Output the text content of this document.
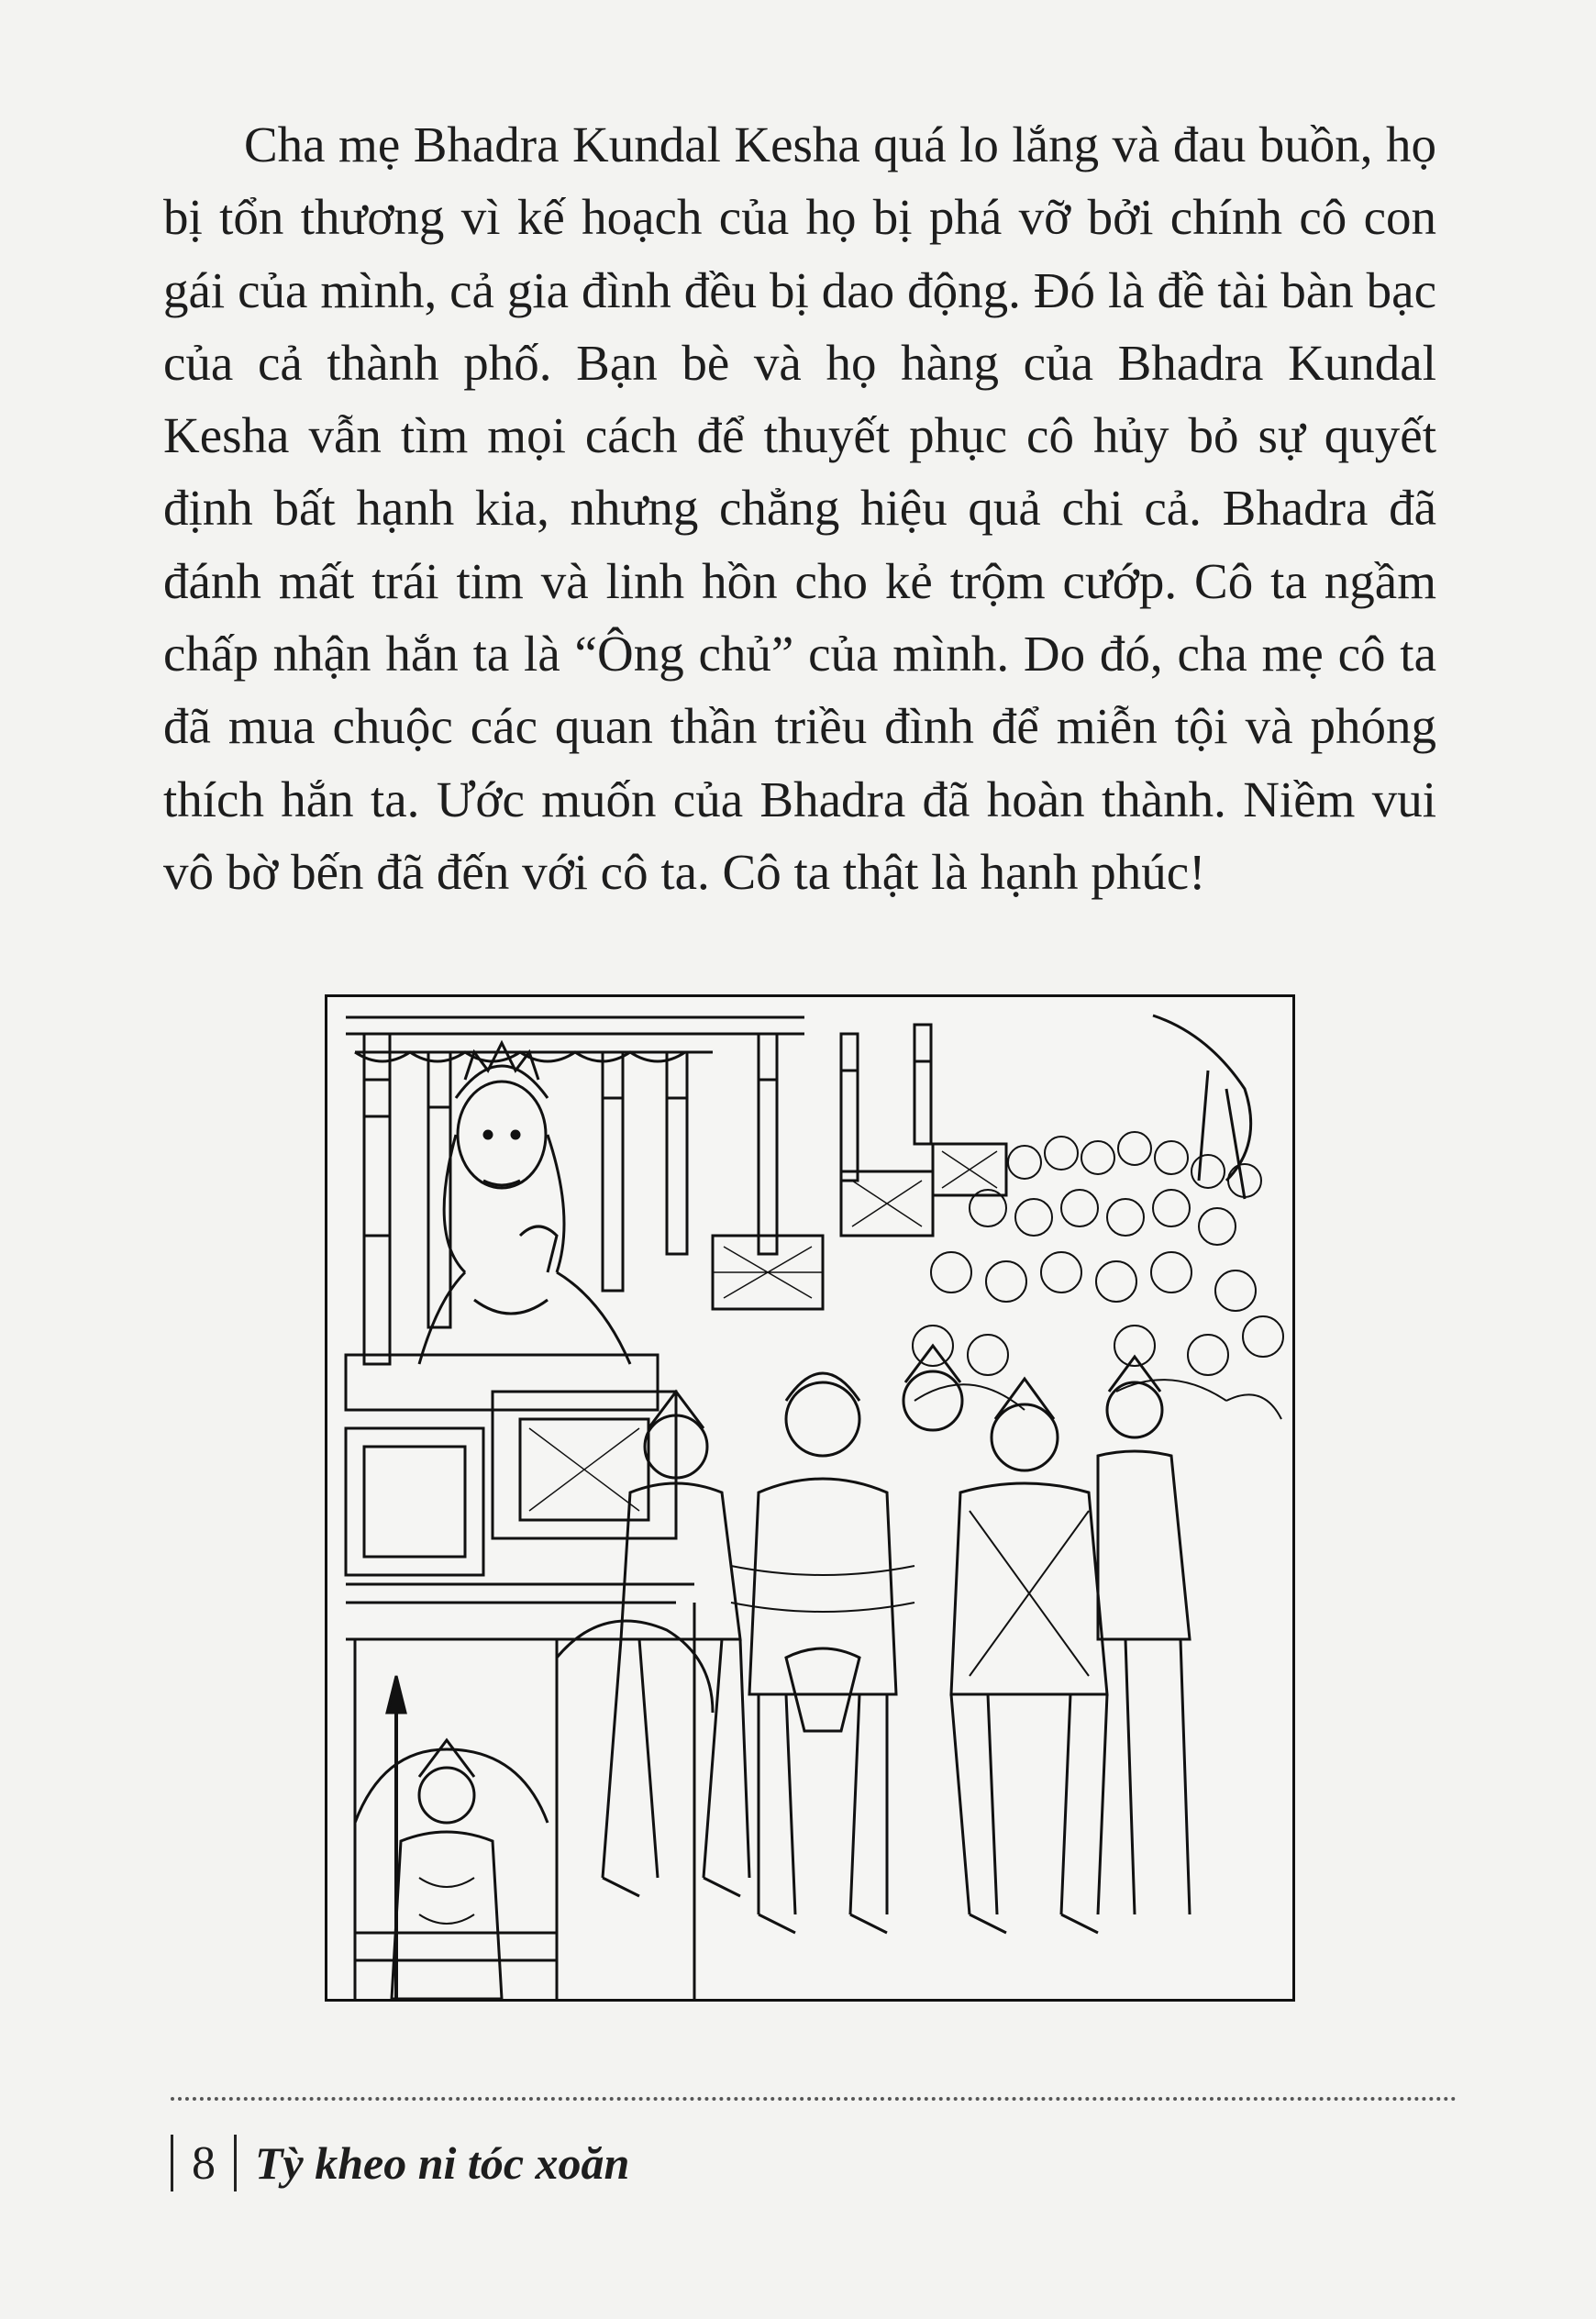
Cha mẹ Bhadra Kundal Kesha quá lo lắng và đau buồn, họ bị tổn thương vì kế hoạch của họ bị phá vỡ bởi chính cô con gái của mình, cả gia đình đều bị dao động. Đó là đề tài bàn bạc của cả thành phố. Bạn bè và họ hàng của Bhadra Kundal Kesha vẫn tìm mọi cách để thuyết phục cô hủy bỏ sự quyết định bất hạnh kia, nhưng chẳng hiệu quả chi cả. Bhadra đã đánh mất trái tim và linh hồn cho kẻ trộm cướp. Cô ta ngầm chấp nhận hắn ta là “Ông chủ” của mình. Do đó, cha mẹ cô ta đã mua chuộc các quan thần triều đình để miễn tội và phóng thích hắn ta. Ước muốn của Bhadra đã hoàn thành. Niềm vui vô bờ bến đã đến với cô ta. Cô ta thật là hạnh phúc!

8 Tỳ kheo ni tóc xoăn
